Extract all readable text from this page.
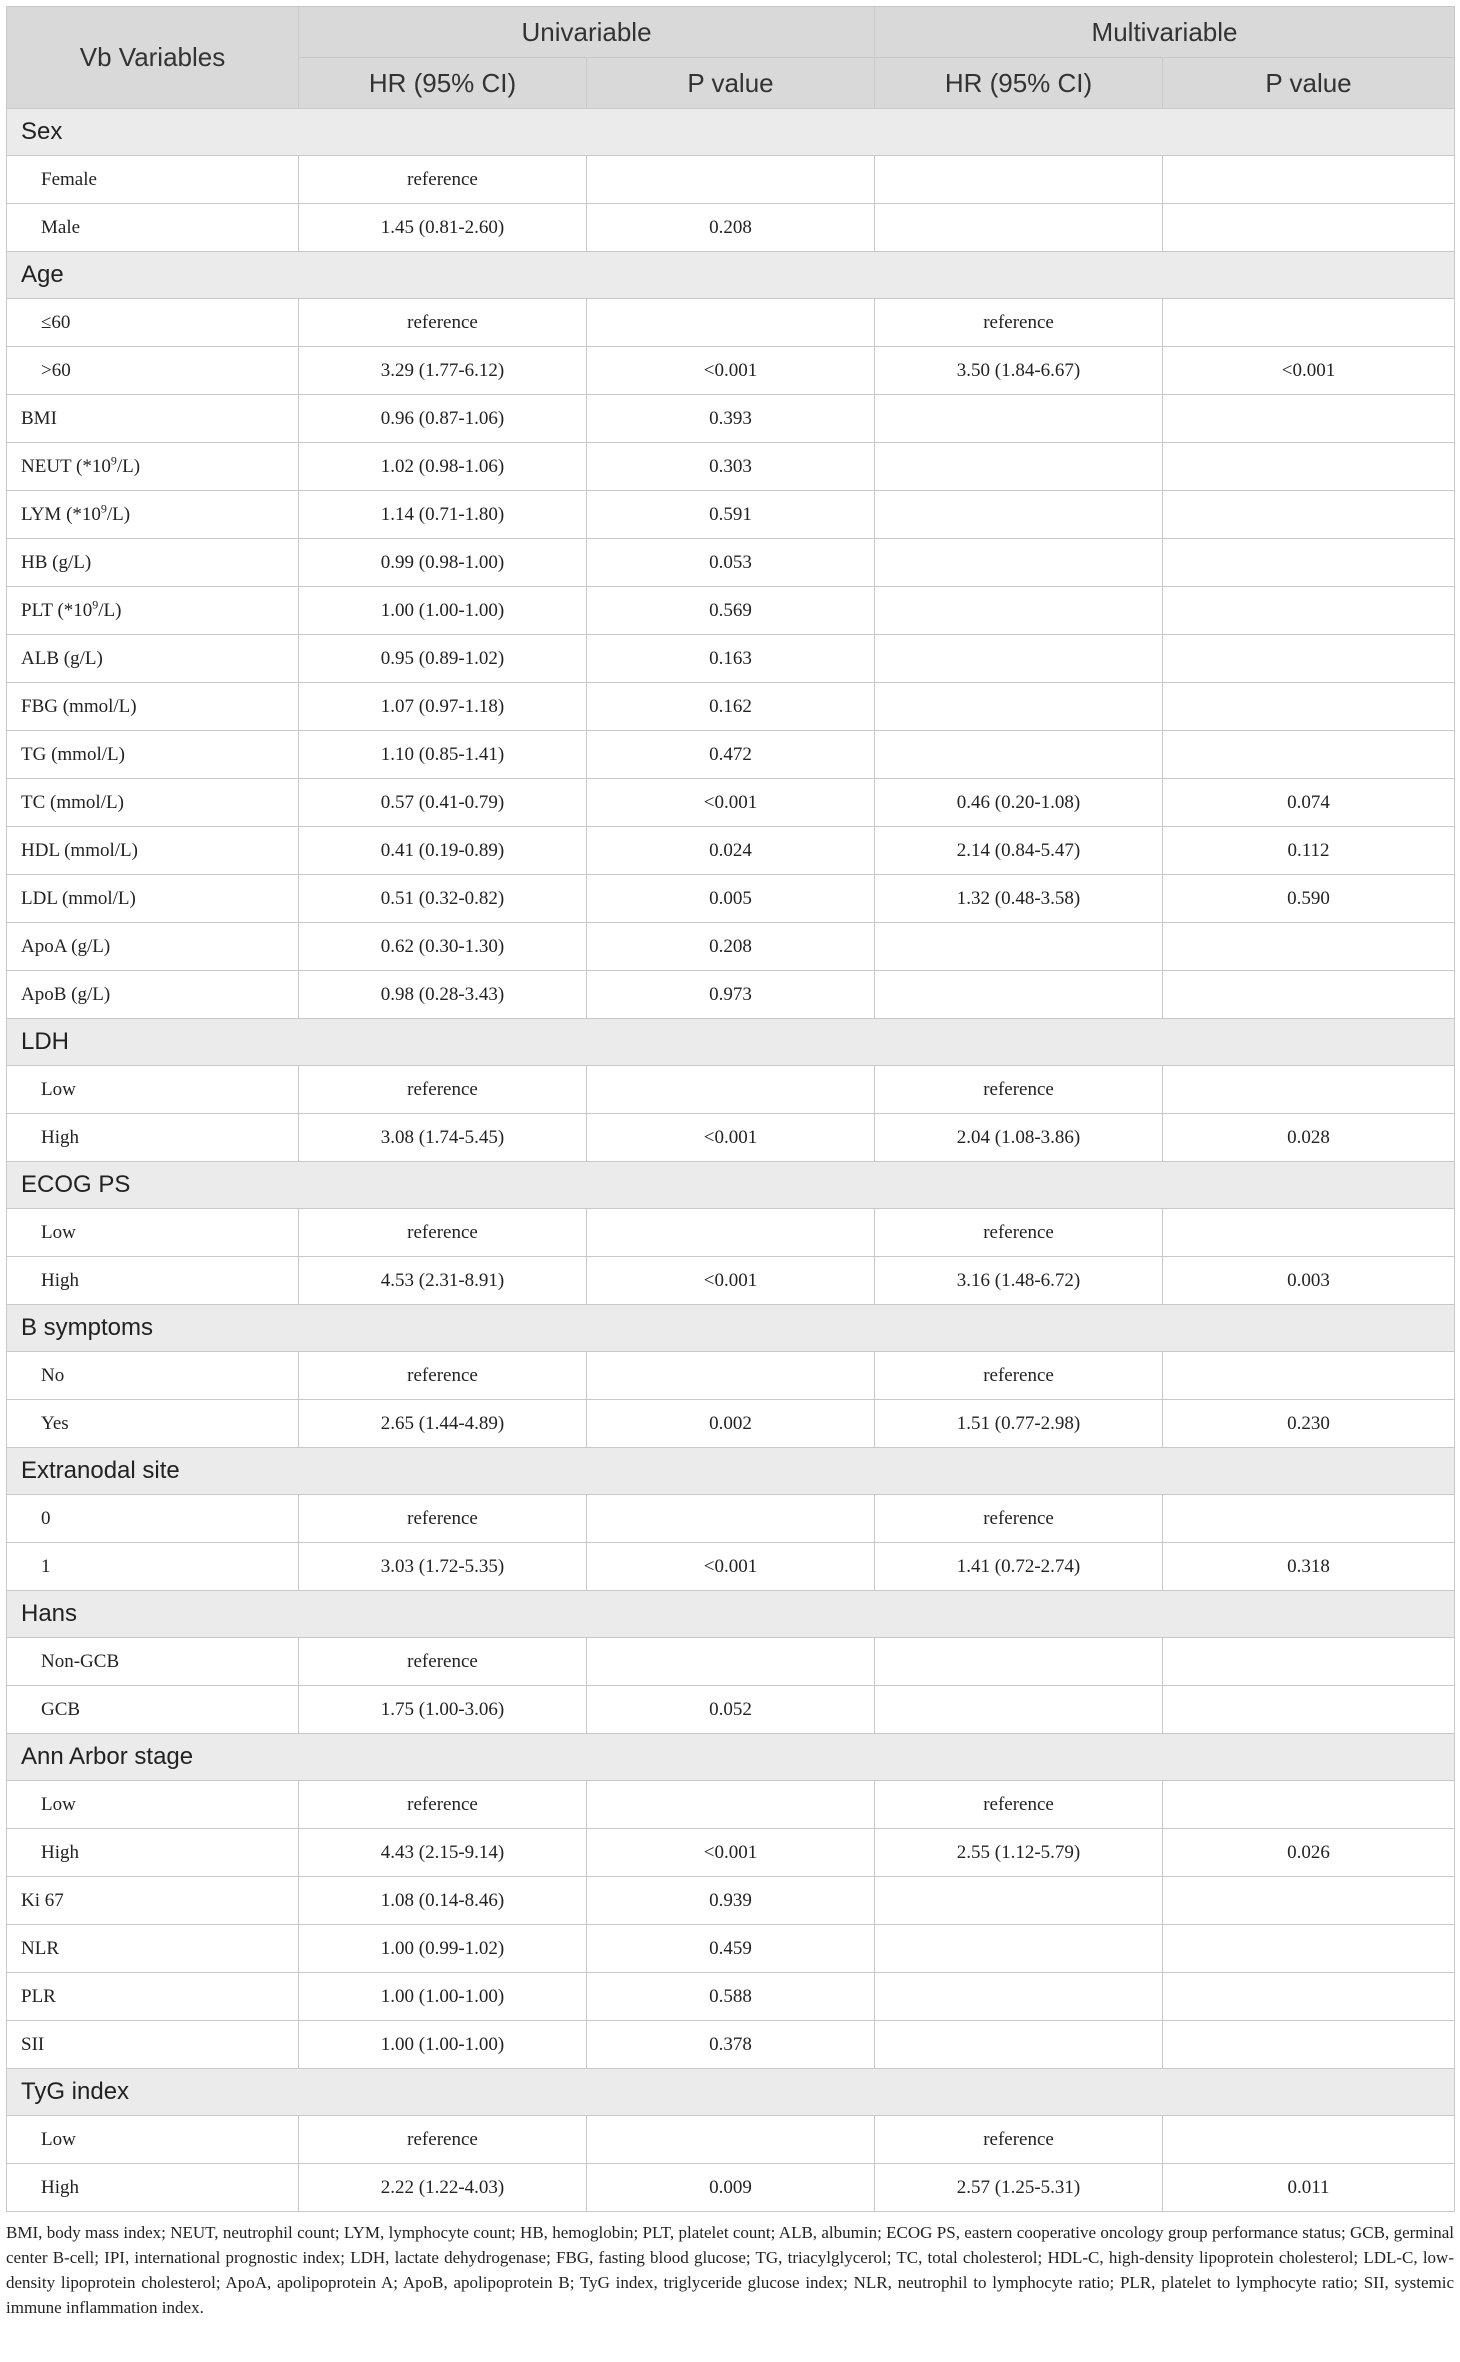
Vb Variables	Univariable		Multivariable	
	HR (95% CI)	P value	HR (95% CI)	P value
Sex				
Female	reference			
Male	1.45 (0.81-2.60)	0.208		
Age				
≤60	reference		reference	
>60	3.29 (1.77-6.12)	<0.001	3.50 (1.84-6.67)	<0.001
BMI	0.96 (0.87-1.06)	0.393		
NEUT $(*10^9/L)$	1.02 (0.98-1.06)	0.303		
LYM $(*10^9/L)$	1.14 (0.71-1.80)	0.591		
HB (g/L)	0.99 (0.98-1.00)	0.053		
PLT $(*10^9/L)$	1.00 (1.00-1.00)	0.569		
ALB (g/L)	0.95 (0.89-1.02)	0.163		
FBG (mmol/L)	1.07 (0.97-1.18)	0.162		
TG (mmol/L)	1.10 (0.85-1.41)	0.472		
TC (mmol/L)	0.57 (0.41-0.79)	<0.001	0.46 (0.20-1.08)	0.074
HDL (mmol/L)	0.41 (0.19-0.89)	0.024	2.14 (0.84-5.47)	0.112
LDL (mmol/L)	0.51 (0.32-0.82)	0.005	1.32 (0.48-3.58)	0.590
ApoA (g/L)	0.62 (0.30-1.30)	0.208		
ApoB (g/L)	0.98 (0.28-3.43)	0.973		
LDH				
Low	reference		reference	
High	3.08 (1.74-5.45)	<0.001	2.04 (1.08-3.86)	0.028
ECOG PS				
Low	reference		reference	
High	4.53 (2.31-8.91)	<0.001	3.16 (1.48-6.72)	0.003
B symptoms				
No	reference		reference	
Yes	2.65 (1.44-4.89)	0.002	1.51 (0.77-2.98)	0.230
Extranodal site				
0	reference		reference	
1	3.03 (1.72-5.35)	<0.001	1.41 (0.72-2.74)	0.318
Hans				
Non-GCB	reference			
GCB	1.75 (1.00-3.06)	0.052		
Ann Arbor stage				
Low	reference		reference	
High	4.43 (2.15-9.14)	<0.001	2.55 (1.12-5.79)	0.026
Ki 67	1.08 (0.14-8.46)	0.939		
NLR	1.00 (0.99-1.02)	0.459		
PLR	1.00 (1.00-1.00)	0.588		
SII	1.00 (1.00-1.00)	0.378		
TyG index				
Low	reference		reference	
High	2.22 (1.22-4.03)	0.009	2.57 (1.25-5.31)	0.011
BMI, body mass index; NEUT, neutrophil count; LYM, lymphocyte count; HB, hemoglobin; PLT, platelet count; ALB, albumin; ECOG PS, eastern cooperative oncology group performance status; GCB, germinal center B-cell; IPI, international prognostic index; LDH, lactate dehydrogenase; FBG, fasting blood glucose; TG, triacylglycerol; TC, total cholesterol; HDL-C, high-density lipoprotein cholesterol; LDL-C, low-density lipoprotein cholesterol; ApoA, apolipoprotein A; ApoB, apolipoprotein B; TyG index, triglyceride glucose index; NLR, neutrophil to lymphocyte ratio; PLR, platelet to lymphocyte ratio; SII, systemic immune inflammation index.
